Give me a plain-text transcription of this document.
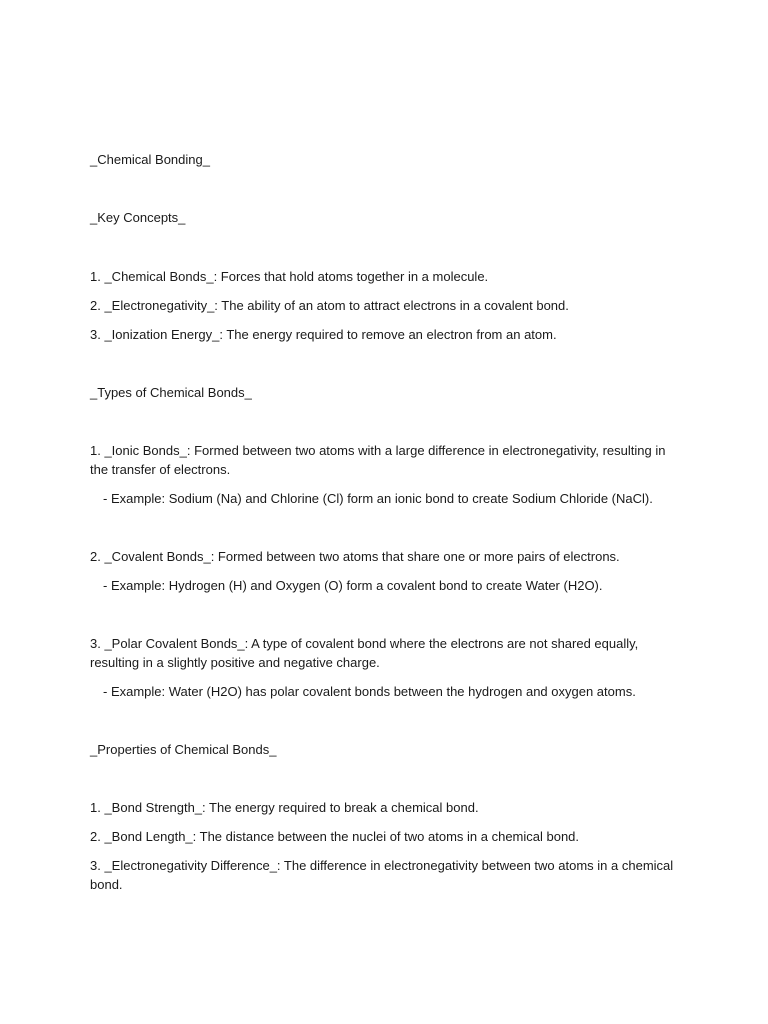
_Chemical Bonding_

_Key Concepts_

1. _Chemical Bonds_: Forces that hold atoms together in a molecule.

2. _Electronegativity_: The ability of an atom to attract electrons in a covalent bond.

3. _Ionization Energy_: The energy required to remove an electron from an atom.

_Types of Chemical Bonds_

1. _Ionic Bonds_: Formed between two atoms with a large difference in electronegativity, resulting in the transfer of electrons.

- Example: Sodium (Na) and Chlorine (Cl) form an ionic bond to create Sodium Chloride (NaCl).

2. _Covalent Bonds_: Formed between two atoms that share one or more pairs of electrons.

- Example: Hydrogen (H) and Oxygen (O) form a covalent bond to create Water (H2O).

3. _Polar Covalent Bonds_: A type of covalent bond where the electrons are not shared equally, resulting in a slightly positive and negative charge.

- Example: Water (H2O) has polar covalent bonds between the hydrogen and oxygen atoms.

_Properties of Chemical Bonds_

1. _Bond Strength_: The energy required to break a chemical bond.

2. _Bond Length_: The distance between the nuclei of two atoms in a chemical bond.

3. _Electronegativity Difference_: The difference in electronegativity between two atoms in a chemical bond.
